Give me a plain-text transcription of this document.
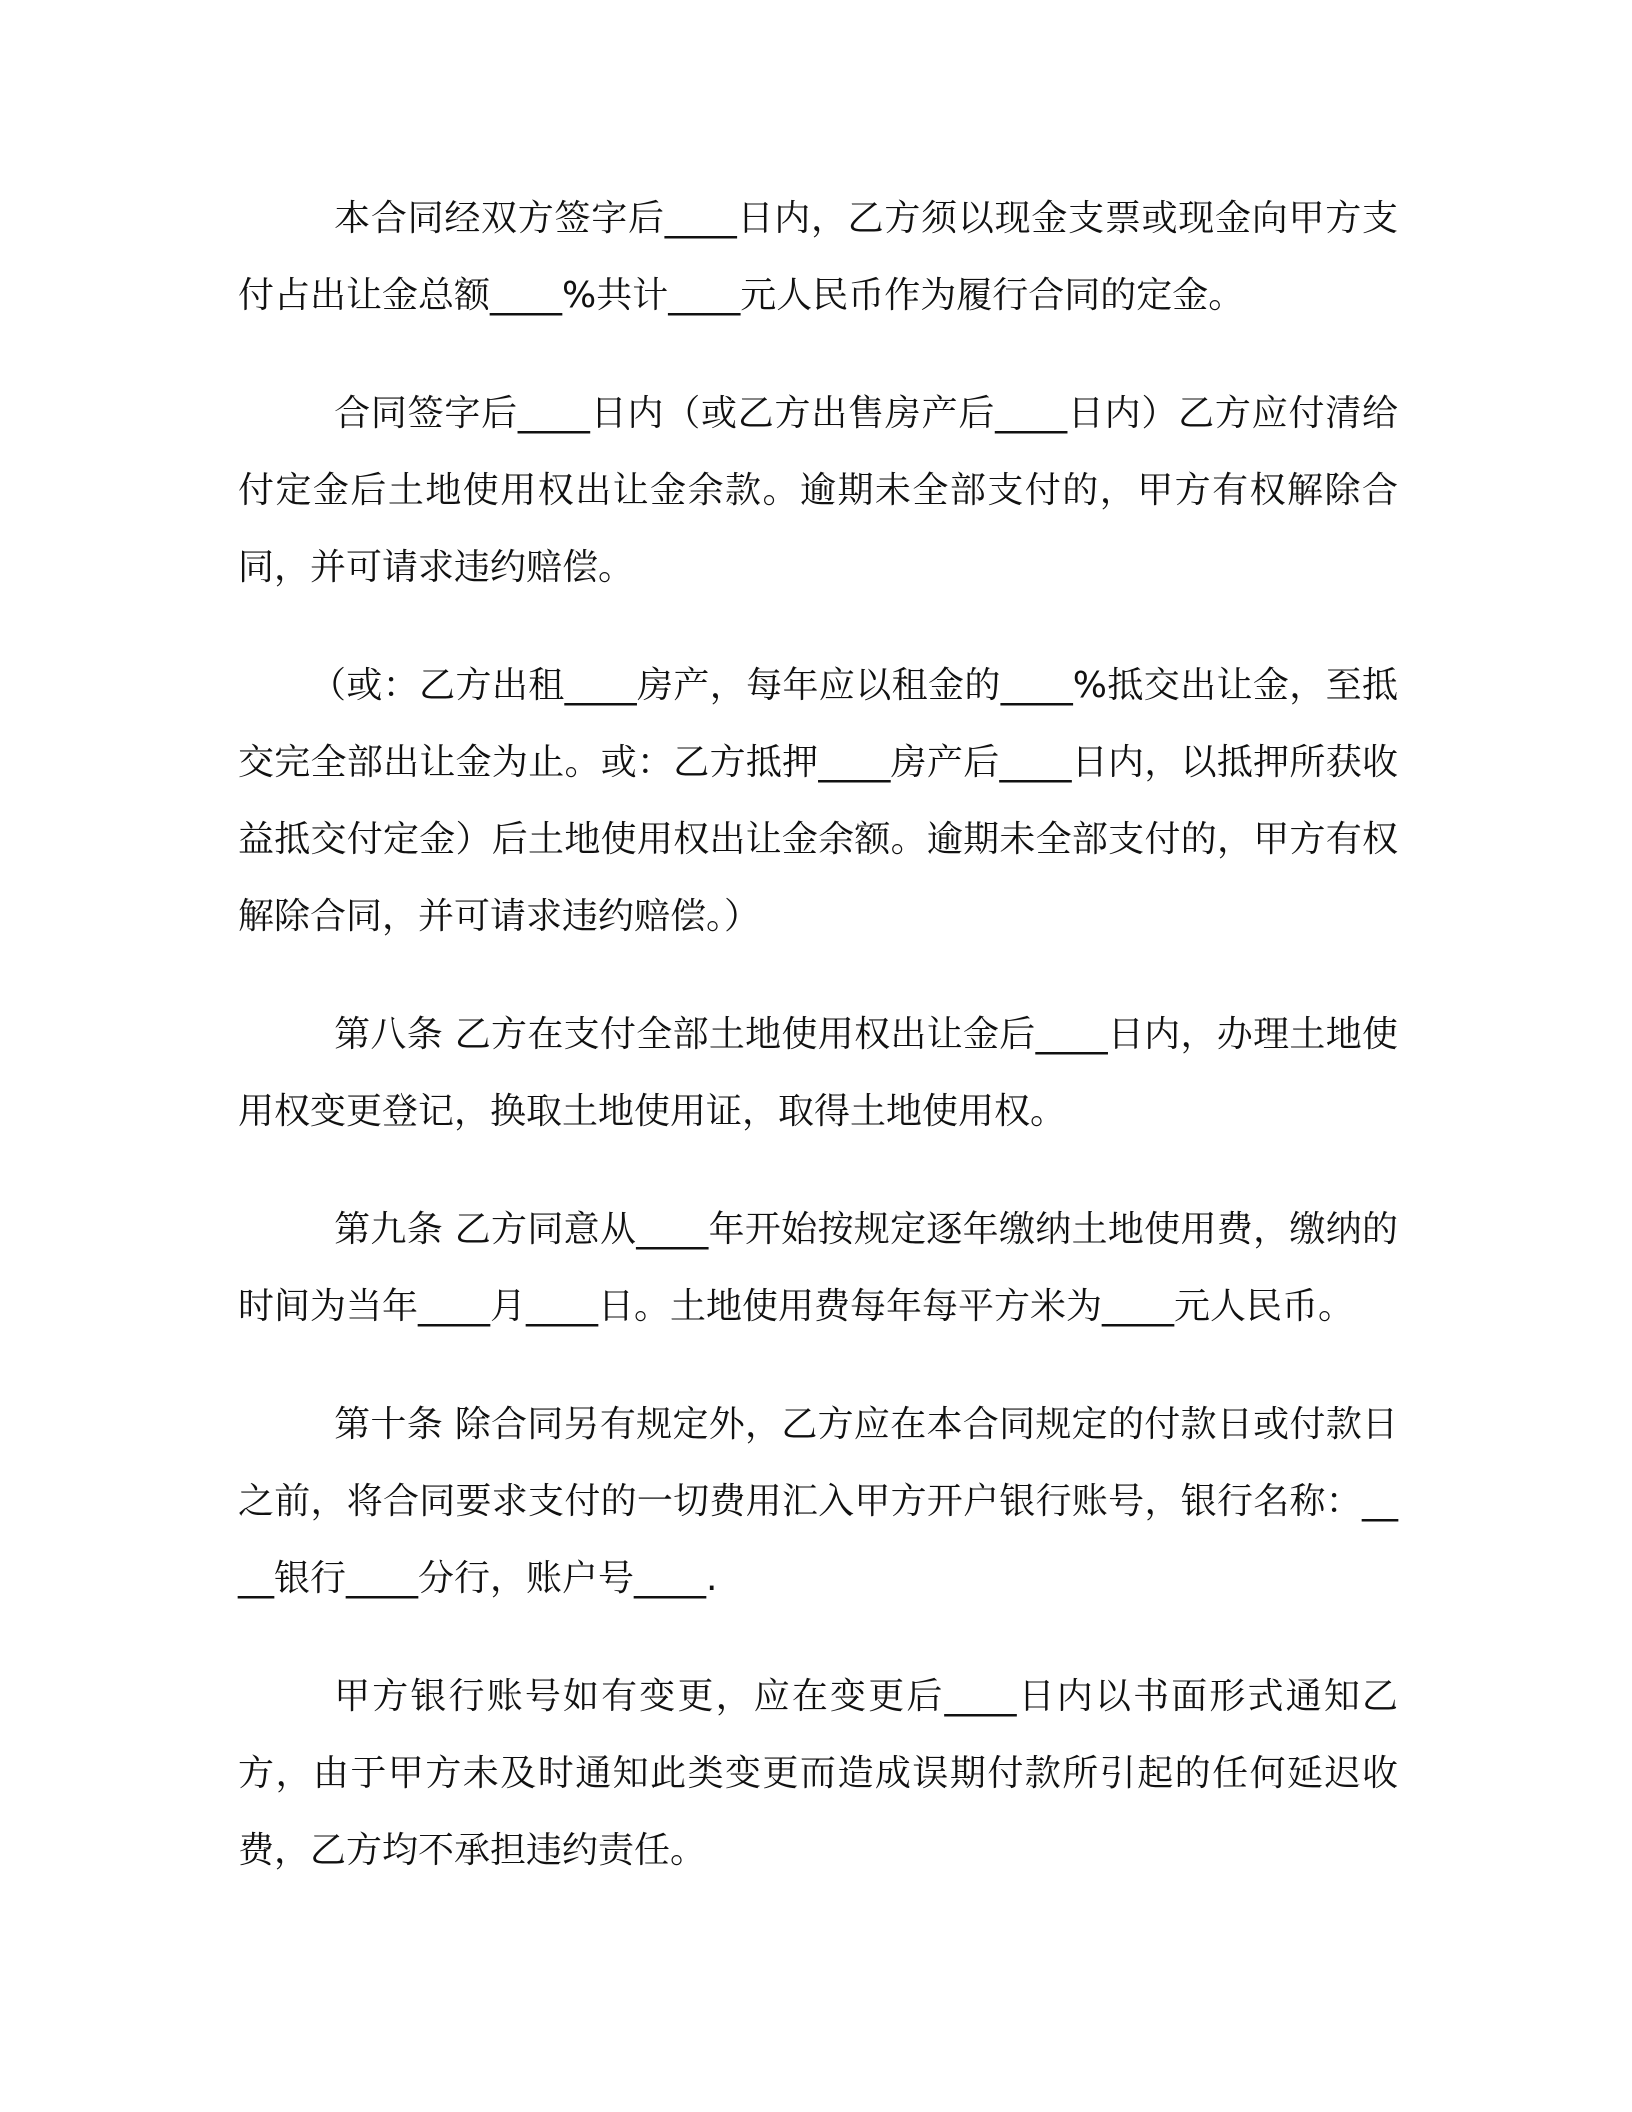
本合同经双方签字后____日内，乙方须以现金支票或现金向甲方支付占出让金总额____%共计____元人民币作为履行合同的定金。

合同签字后____日内（或乙方出售房产后____日内）乙方应付清给付定金后土地使用权出让金余款。逾期未全部支付的，甲方有权解除合同，并可请求违约赔偿。

（或：乙方出租____房产，每年应以租金的____%抵交出让金，至抵交完全部出让金为止。或：乙方抵押____房产后____日内，以抵押所获收益抵交付定金）后土地使用权出让金余额。逾期未全部支付的，甲方有权解除合同，并可请求违约赔偿。）

第八条 乙方在支付全部土地使用权出让金后____日内，办理土地使用权变更登记，换取土地使用证，取得土地使用权。

第九条 乙方同意从____年开始按规定逐年缴纳土地使用费，缴纳的时间为当年____月____日。土地使用费每年每平方米为____元人民币。

第十条 除合同另有规定外，乙方应在本合同规定的付款日或付款日之前，将合同要求支付的一切费用汇入甲方开户银行账号，银行名称：____银行____分行，账户号____.

甲方银行账号如有变更，应在变更后____日内以书面形式通知乙方，由于甲方未及时通知此类变更而造成误期付款所引起的任何延迟收费，乙方均不承担违约责任。
